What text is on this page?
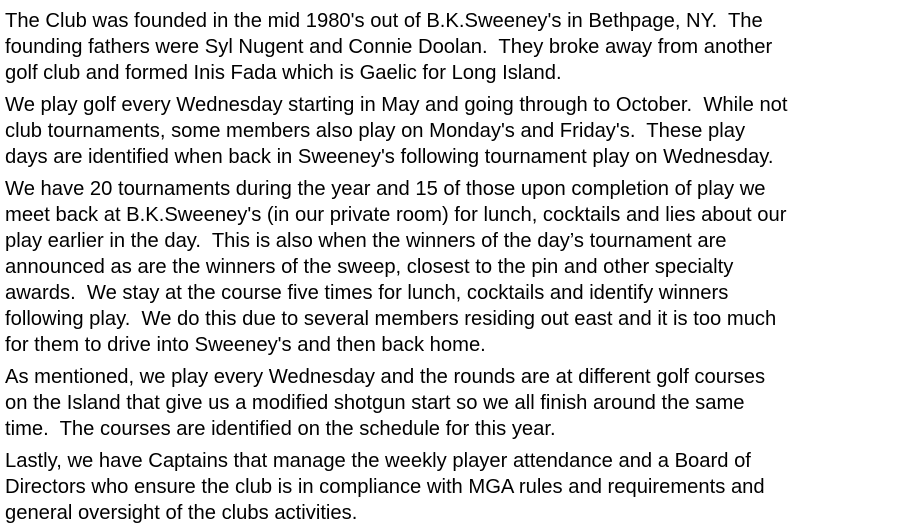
The Club was founded in the mid 1980's out of B.K.Sweeney's in Bethpage, NY.  The
founding fathers were Syl Nugent and Connie Doolan.  They broke away from another
golf club and formed Inis Fada which is Gaelic for Long Island.

We play golf every Wednesday starting in May and going through to October.  While not
club tournaments, some members also play on Monday's and Friday's.  These play
days are identified when back in Sweeney's following tournament play on Wednesday.

We have 20 tournaments during the year and 15 of those upon completion of play we
meet back at B.K.Sweeney's (in our private room) for lunch, cocktails and lies about our
play earlier in the day.  This is also when the winners of the day’s tournament are
announced as are the winners of the sweep, closest to the pin and other specialty
awards.  We stay at the course five times for lunch, cocktails and identify winners
following play.  We do this due to several members residing out east and it is too much
for them to drive into Sweeney's and then back home.

As mentioned, we play every Wednesday and the rounds are at different golf courses
on the Island that give us a modified shotgun start so we all finish around the same
time.  The courses are identified on the schedule for this year.

Lastly, we have Captains that manage the weekly player attendance and a Board of
Directors who ensure the club is in compliance with MGA rules and requirements and
general oversight of the clubs activities.
